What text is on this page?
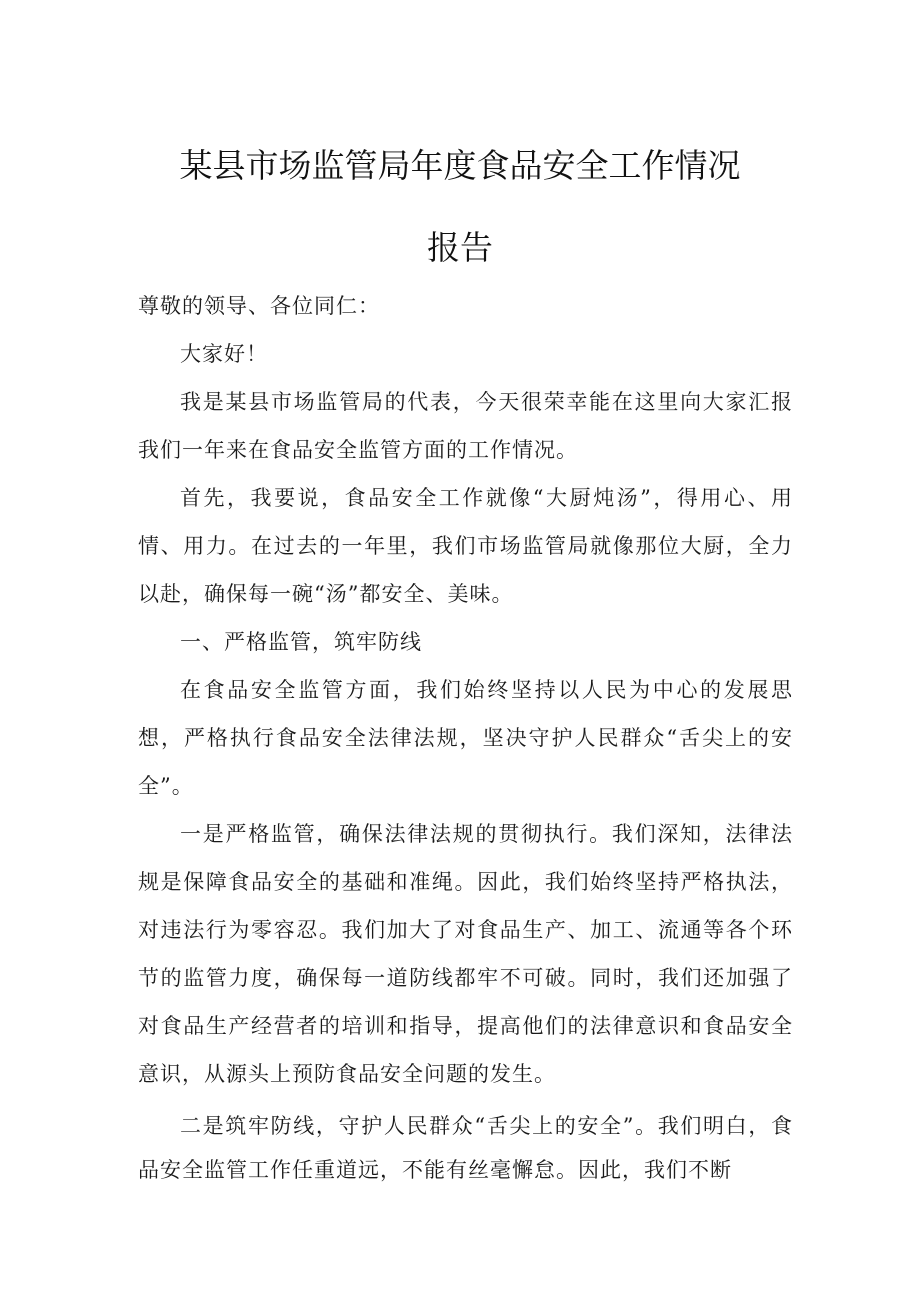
某县市场监管局年度食品安全工作情况
报告

尊敬的领导、各位同仁：

大家好！

我是某县市场监管局的代表，今天很荣幸能在这里向大家汇报我们一年来在食品安全监管方面的工作情况。

首先，我要说，食品安全工作就像“大厨炖汤”，得用心、用情、用力。在过去的一年里，我们市场监管局就像那位大厨，全力以赴，确保每一碗“汤”都安全、美味。

一、严格监管，筑牢防线

在食品安全监管方面，我们始终坚持以人民为中心的发展思想，严格执行食品安全法律法规，坚决守护人民群众“舌尖上的安全”。

一是严格监管，确保法律法规的贯彻执行。我们深知，法律法规是保障食品安全的基础和准绳。因此，我们始终坚持严格执法，对违法行为零容忍。我们加大了对食品生产、加工、流通等各个环节的监管力度，确保每一道防线都牢不可破。同时，我们还加强了对食品生产经营者的培训和指导，提高他们的法律意识和食品安全意识，从源头上预防食品安全问题的发生。

二是筑牢防线，守护人民群众“舌尖上的安全”。我们明白，食品安全监管工作任重道远，不能有丝毫懈怠。因此，我们不断
